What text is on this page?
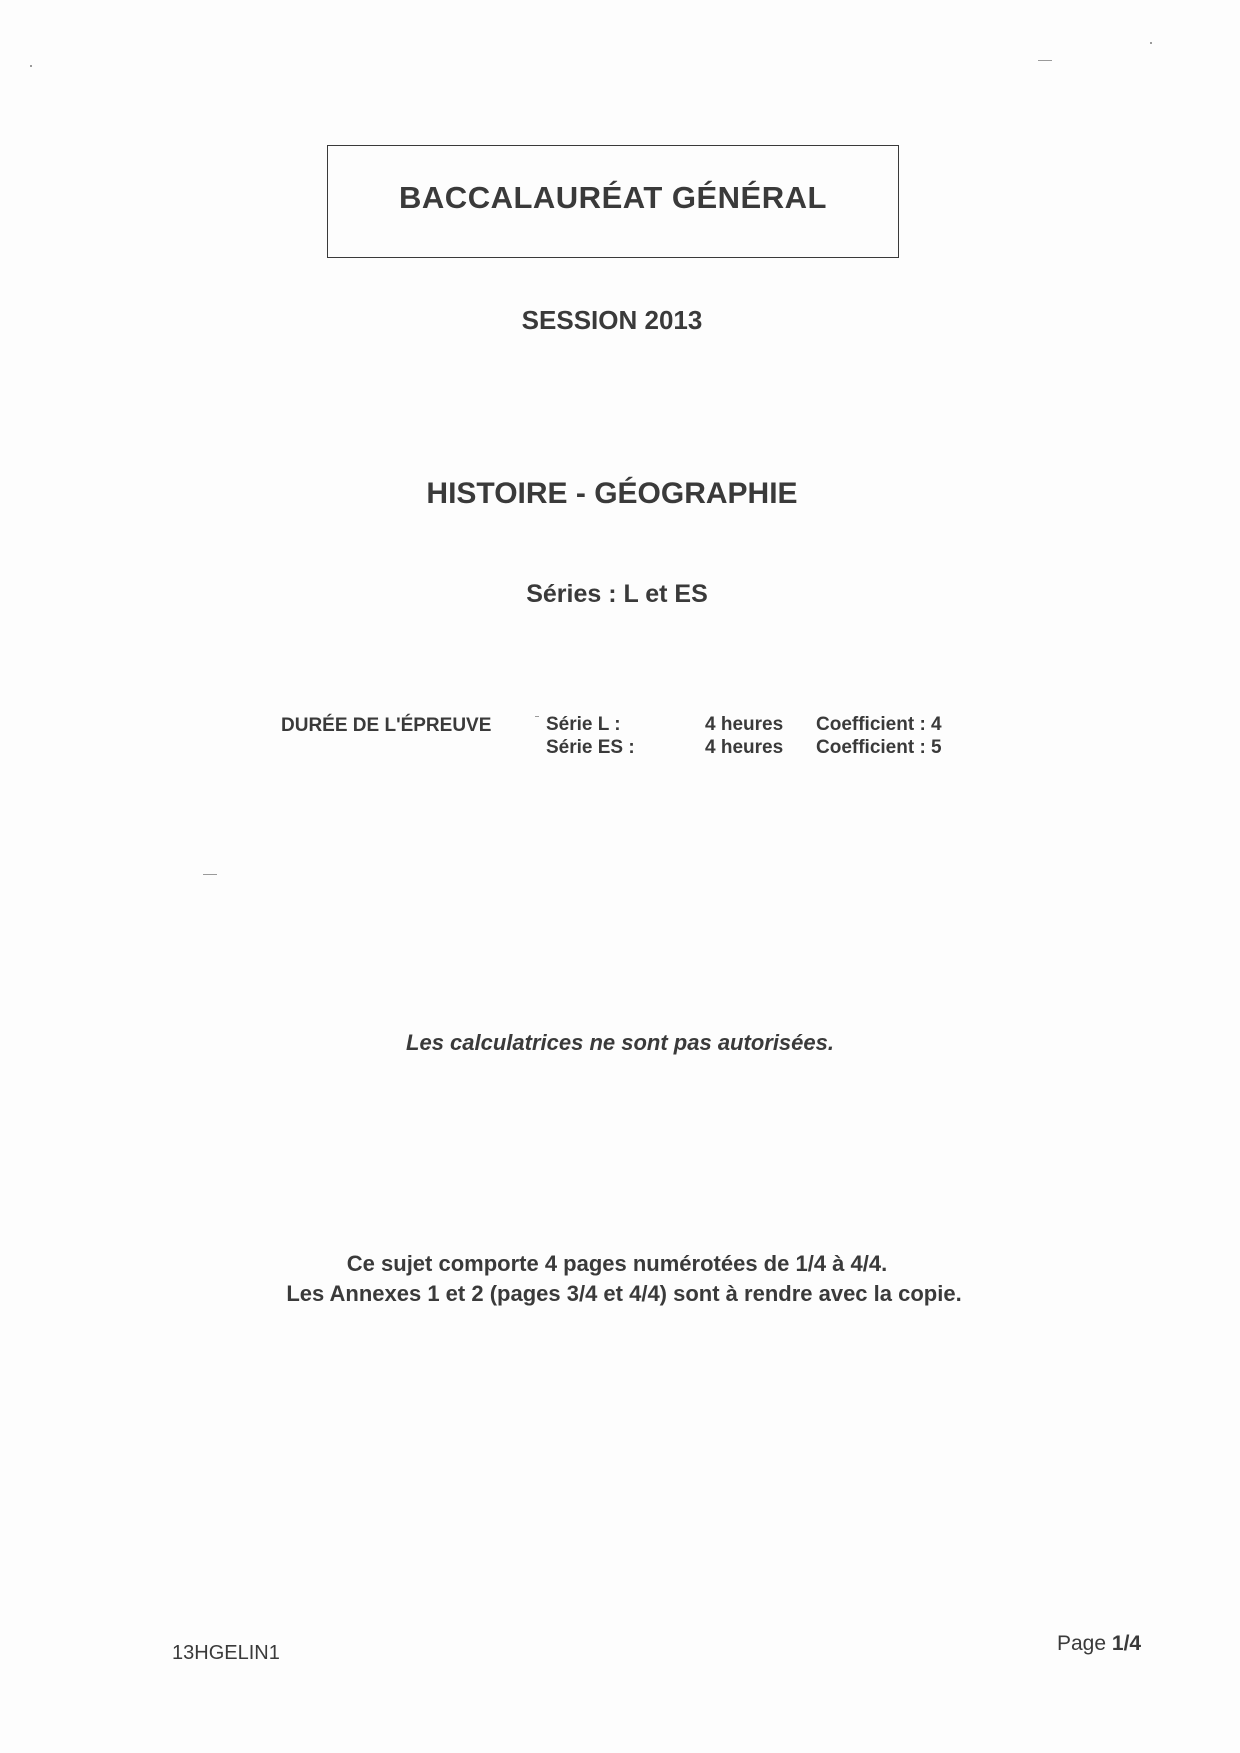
BACCALAURÉAT GÉNÉRAL
SESSION 2013
HISTOIRE - GÉOGRAPHIE
Séries : L et ES
DURÉE DE L'ÉPREUVE	Série L :	4 heures Coefficient : 4
Série ES :	4 heures Coefficient : 5
Les calculatrices ne sont pas autorisées.
Ce sujet comporte 4 pages numérotées de 1/4 à 4/4.
Les Annexes 1 et 2 (pages 3/4 et 4/4) sont à rendre avec la copie.
13HGELIN1	Page 1/4
